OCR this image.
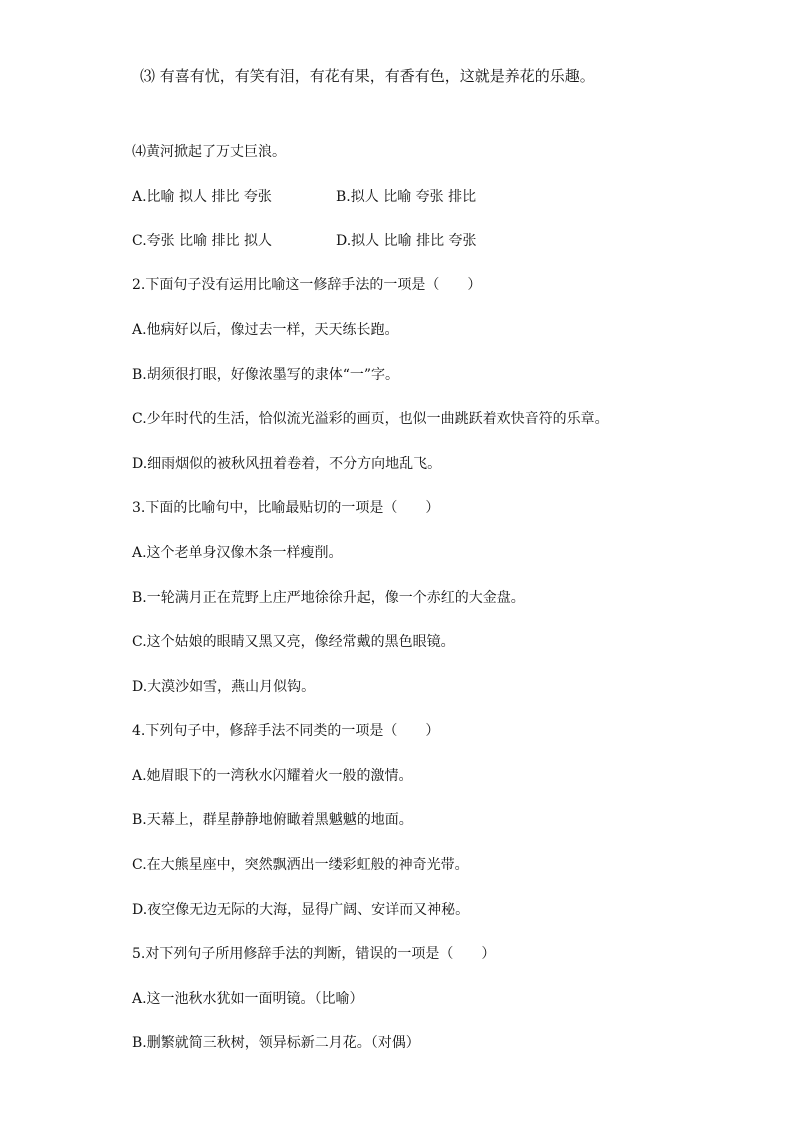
⑶ 有喜有忧，有笑有泪，有花有果，有香有色，这就是养花的乐趣。
⑷黄河掀起了万丈巨浪。
A.比喻 拟人 排比 夸张	B.拟人 比喻 夸张 排比
C.夸张 比喻 排比 拟人	D.拟人 比喻 排比 夸张
2.下面句子没有运用比喻这一修辞手法的一项是（　　）
A.他病好以后，像过去一样，天天练长跑。
B.胡须很打眼，好像浓墨写的隶体“一”字。
C.少年时代的生活，恰似流光溢彩的画页，也似一曲跳跃着欢快音符的乐章。
D.细雨烟似的被秋风扭着卷着，不分方向地乱飞。
3.下面的比喻句中，比喻最贴切的一项是（　　）
A.这个老单身汉像木条一样瘦削。
B.一轮满月正在荒野上庄严地徐徐升起，像一个赤红的大金盘。
C.这个姑娘的眼睛又黑又亮，像经常戴的黑色眼镜。
D.大漠沙如雪，燕山月似钩。
4.下列句子中，修辞手法不同类的一项是（　　）
A.她眉眼下的一湾秋水闪耀着火一般的激情。
B.天幕上，群星静静地俯瞰着黑魆魆的地面。
C.在大熊星座中，突然飘洒出一缕彩虹般的神奇光带。
D.夜空像无边无际的大海，显得广阔、安详而又神秘。
5.对下列句子所用修辞手法的判断，错误的一项是（　　）
A.这一池秋水犹如一面明镜。（比喻）
B.删繁就简三秋树，领异标新二月花。（对偶）
